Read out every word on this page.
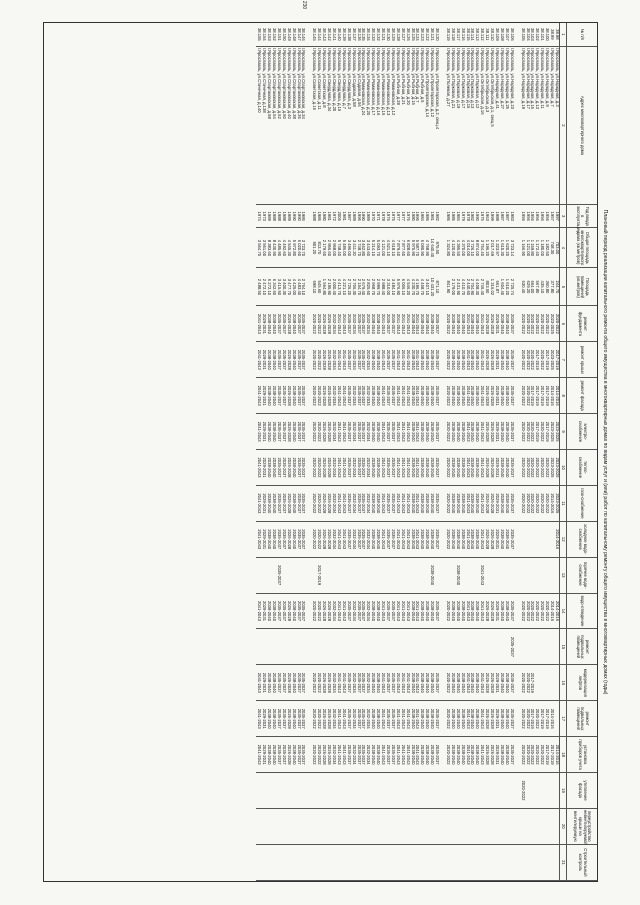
230
Плановый период реализации капитального ремонта общего имущества в многоквартирных домах по видам услуг и (или) работ по капитальному ремонту общего имущества в многоквартирных домах (годы)
№ п/п	Адрес многоквартирного дома	Год ввода в эксплуатацию	Общая площадь многоквартирного дома (кв.метров)	Площадь помещений (кв.метров)	ремонт фундамента	ремонт крыши	ремонт фасада	электро-снабжение	тепло-снабжение	газо-снабжение	холодное водо-снабжение	горячее водо-снабжение	водо-отведение	ремонт подвальных помещений	модернизация лифтов	ремонт подвальных помещений	установка приборов учета	утепление фасада	переустройство невентилируемой крыши на вентилируемую	Строительный контроль
1	2	3	4	5	6	7	8	9	10	11	12	13	14	15	16	17	18	19	20	21
38.98	г.Ярославль, ул.Народная, д.3	1997	703.00	244.70	2020-2022	2017-2019	2014-2016	2023-2025	2023-2025	2023-2025	2014-2016		2014-2016				2014-2016			
38.99	г.Ярославль, ул.Народная, д.7	1957	748.30	377.80	2023-2025	2023-2025	2014-2016	2023-2025	2023-2025	2014-2016			2014-2016			2014-2016	2017-2019			
38.100	г.Ярославль, ул.Народная, д.9	1956	1 182.50	360.80	2020-2022	2017-2019	2017-2019	2017-2019	2020-2022	2020-2022			2020-2022			2017-2019	2017-2019			
38.101	г.Ярославль, ул.Народная, д.11	1956	1 180.00	435.10	2020-2022	2020-2022	2017-2019	2020-2022	2020-2022	2020-2022			2020-2022			2017-2019	2020-2022			
38.102	г.Ярославль, ул.Народная, д.13	1956	1 172.40	567.80	2020-2022	2017-2019	2017-2019	2017-2019	2020-2022	2020-2022			2020-2022			2020-2022	2020-2022			
38.103	г.Ярославль, ул.Народная, д.15	1956	1 159.80	664.00	2020-2022	2020-2022	2017-2019	2020-2022	2020-2022	2020-2022			2020-2022		2017-2019	2017-2019	2020-2022			
38.104	г.Ярославль, ул.Народная, д.17	1956	1 121.00	629.20	2020-2022	2020-2022	2020-2022	2020-2022	2020-2022	2020-2022			2020-2022		2020-2022	2020-2022	2020-2022			
38.105	г.Ярославль, ул.Народная, д.19	1956	1 166.90	630.40	2020-2022	2020-2022	2020-2022	2020-2022	2020-2022	2020-2022			2020-2022		2020-2022	2020-2022	2020-2022	2020-2022		

38.106	г.Ярославль, ул.Народная, д.23	1983	3 723.14	2 725.74	2035-2037	2035-2037	2035-2037	2035-2037	2035-2037	2035-2037	2035-2037		2035-2037	2035-2037	2035-2037	2035-2037	2035-2037			
38.107	г.Ярославль, ул.Народная, д.25	1987	1 620.20	1 610.20	2038-2040	2038-2040	2038-2040	2038-2040	2038-2040	2038-2040	2038-2040		2038-2040		2038-2040	2038-2040	2038-2040			
38.108	г.Ярославль, ул.Народная, д.27	1987	1 610.30	1 604.40	2038-2040	2038-2040	2038-2040	2038-2040	2038-2040	2038-2040	2038-2040		2038-2040		2038-2040	2038-2040	2038-2040			
38.109	г.Ярославль, ул.Народная, д.41	1988	1 323.97	661.87	2029-2031	2029-2031	2029-2031	2029-2031	2029-2031	2029-2031	2029-2031		2029-2031		2029-2031	2029-2031	2029-2031			
38.110	г.Ярославль, ул.Октябрьская, д.1, секц.5	1999	2 017.69	1 316.02	2026-2028	2026-2028	2026-2028	2026-2028	2026-2028	2026-2028	2026-2028		2026-2028		2026-2028	2026-2028	2026-2028			
38.111	г.Ярославль, ул.Октябрьская, д.3	1963	1 196.20	803.50	2026-2028	2026-2028	2026-2028	2026-2028	2026-2028	2026-2028	2026-2028		2026-2028		2026-2028	2026-2028	2026-2028			
38.112	г.Ярославль, ул.Октябрьская, д.16	1975	3 764.40	2 746.40	2041-2043	2041-2043	2041-2043	2041-2043	2041-2043	2041-2043	2041-2043	2041-2043	2041-2043		2041-2043	2041-2043	2041-2043			
38.113	г.Ярославль, ул.Парковая, д.12	1990	8 874.00	4 408.30	2038-2040	2038-2040	2038-2040	2038-2040	2038-2040	2038-2040	2038-2040		2038-2040		2038-2040	2038-2040	2038-2040			
38.114	г.Ярославль, ул.Парковая, д.13	1982	3 726.10	2 704.90	2038-2040	2038-2040	2038-2040	2038-2040	2038-2040	2038-2040	2038-2040		2038-2040		2038-2040	2038-2040	2038-2040			
38.115	г.Ярославль, ул.Парковая, д.15	1978	4 014.00	2 440.60	2041-2043	2041-2043	2041-2043	2041-2043	2041-2043	2041-2043	2041-2043		2041-2043		2041-2043	2041-2043	2041-2043			
38.116	г.Ярославль, ул.Парковая, д.17	1979	4 370.00	4 410.70	2038-2040	2038-2040	2038-2040	2038-2040	2038-2040	2038-2040	2038-2040		2038-2040		2038-2040	2038-2040	2038-2040			
38.117	г.Ярославль, ул.Парковая, д.19	1984	4 395.50	2 431.90	2038-2040	2038-2040	2038-2040	2038-2040	2038-2040	2038-2040	2038-2040	2038-2040	2038-2040		2038-2040	2038-2040	2038-2040			
38.118	г.Ярославль, ул.Парковая, д.21	1985	4 120.60	2 179.00	2038-2040	2038-2040	2038-2040	2038-2040	2038-2040	2038-2040	2038-2040		2038-2040		2038-2040	2038-2040	2038-2040			
38.119	г.Ярославль, ул.Полевая, д.27	1986	1 324.80	841.90	2020-2022	2020-2022	2020-2022	2020-2022	2020-2022	2020-2022	2020-2022		2020-2022		2020-2022	2020-2022	2020-2022			

38.120	г.Ярославль, ул.Пролетарская, д.2, секц.4	1982	975.50	871.10	2035-2037	2035-2037	2035-2037	2035-2037	2035-2037	2035-2037	2035-2037		2035-2037		2035-2037	2035-2037	2035-2037			
38.121	г.Ярославль, ул.Пролетарская, д.12	1981	14 640.40	10 431.20	2038-2040	2038-2040	2038-2040	2038-2040	2038-2040	2038-2040	2038-2040	2038-2040	2038-2040		2038-2040	2038-2040	2038-2040			
38.122	г.Ярославль, ул.Пролетарская, д.14	1986	4 768.90	3 407.10	2038-2040	2038-2040	2038-2040	2038-2040	2038-2040	2038-2040	2038-2040		2038-2040		2038-2040	2038-2040	2038-2040			
38.123	г.Ярославль, ул.Рыбная, д.5	1984	6 090.90	4 458.70	2038-2040	2038-2040	2038-2040	2038-2040	2038-2040	2038-2040	2038-2040		2038-2040		2038-2040	2038-2040	2038-2040			
38.124	г.Ярославль, ул.Рыбная, д.7	1996	5 587.70	4 196.70	2041-2043	2041-2043	2041-2043	2041-2043	2041-2043	2041-2043	2041-2043		2041-2043		2041-2043	2041-2043	2041-2043			
38.125	г.Ярославль, ул.Рыбная, д.15	1980	5 975.90	4 230.70	2038-2040	2038-2040	2038-2040	2038-2040	2038-2040	2038-2040	2038-2040		2038-2040		2038-2040	2038-2040	2038-2040			
38.126	г.Ярославль, ул.Рыбная, д.20	1976	6 828.60	4 546.20	2041-2043	2041-2043	2041-2043	2041-2043	2041-2043	2041-2043	2041-2043		2041-2043		2041-2043	2041-2043	2041-2043			
38.127	г.Ярославль, ул.Рыбная, д.21	1977	7 877.60	6 006.10	2041-2043	2041-2043	2041-2043	2041-2043	2041-2043	2041-2043	2041-2043		2041-2043		2041-2043	2041-2043	2041-2043			
38.128	г.Ярославль, ул.Рыбная, д.28	1977	7 879.40	5 976.90	2041-2043	2041-2043	2041-2043	2041-2043	2041-2043	2041-2043	2041-2043		2041-2043		2041-2043	2041-2043	2041-2043			
38.129	г.Ярославль, ул.Романовская, д.12	1975	4 618.10	3 484.10	2035-2037	2035-2037	2035-2037	2035-2037	2035-2037	2035-2037	2035-2037		2035-2037		2035-2037	2035-2037	2035-2037			
38.130	г.Ярославль, ул.Романовская, д.13	1976	4 521.10	3 310.00	2035-2037	2035-2037	2035-2037	2035-2037	2035-2037	2035-2037	2035-2037		2035-2037		2035-2037	2035-2037	2035-2037			
38.131	г.Ярославль, ул.Романовская, д.15	1978	4 121.00	2 988.40	2041-2043	2041-2043	2041-2043	2041-2043	2041-2043	2041-2043	2041-2043		2041-2043		2041-2043	2041-2043	2041-2043			
38.132	г.Ярославль, ул.Романовская, д.16	1971	5 093.70	2 999.70	2038-2040	2038-2040	2038-2040	2038-2040	2038-2040	2038-2040	2038-2040		2038-2040		2038-2040	2038-2040	2038-2040			
38.133	г.Ярославль, ул.Романовская, д.17	1970	5 214.10	2 968.70	2038-2040	2038-2040	2038-2040	2038-2040	2038-2040	2038-2040	2038-2040		2038-2040		2038-2040	2038-2040	2038-2040			
38.134	г.Ярославль, ул.Романовская, д.20	1989	3 443.60	2 825.60	2032-2034	2032-2034	2032-2034	2032-2034	2032-2034	2032-2034	2032-2034		2032-2034		2032-2034	2032-2034	2032-2034			
38.135	г.Ярославль, ул.Романовская, д.24	1990	3 462.80	2 679.40	2035-2037	2035-2037	2035-2037	2035-2037	2035-2037	2035-2037	2035-2037		2035-2037		2035-2037	2035-2037	2035-2037			
38.136	г.Ярославль, ул.Садовая, д.56	1996	2 748.70	2 154.70	2035-2037	2035-2037	2035-2037	2035-2037	2035-2037	2035-2037	2035-2037		2035-2037		2035-2037	2035-2037	2035-2037			
38.137	г.Ярославль, ул.Садовая, д.58	1989	3 411.20	2 706.30	2032-2034	2032-2034	2032-2034	2032-2034	2032-2034	2032-2034	2032-2034		2032-2034		2032-2034	2032-2034	2032-2034			
38.138	г.Ярославль, ул.Свердлова, д.3	1987	3 496.00	2 726.20	2035-2037	2035-2037	2035-2037	2035-2037	2035-2037	2035-2037	2035-2037		2035-2037		2035-2037	2035-2037	2035-2037			
38.139	г.Ярославль, ул.Свердлова, д.7	1981	5 486.00	4 221.10	2041-2043	2041-2043	2041-2043	2041-2043	2041-2043	2041-2043	2041-2043		2041-2043		2041-2043	2041-2043	2041-2043			
38.140	г.Ярославль, ул.Свердлова, д.15	2006	5 748.40	4 413.70	2041-2043	2041-2043	2041-2043	2041-2043	2041-2043	2041-2043	2041-2043		2041-2043		2041-2043	2041-2043	2041-2043			
38.141	г.Ярославль, ул.Свердлова, д.20	1972	2 968.00	2 000.40	2032-2034	2032-2034	2032-2034	2032-2034	2032-2034	2032-2034	2032-2034		2032-2034		2032-2034	2032-2034	2032-2034			
38.142	г.Ярославль, ул.Свердлова, д.34	1981	2 956.60	2 195.90	2026-2028	2026-2028	2026-2028	2026-2028	2026-2028	2026-2028	2026-2028		2026-2028		2026-2028	2026-2028	2026-2028			
38.143	г.Ярославль, ул.Советская, д.8	1980	2 179.60	1 564.80	2026-2028	2026-2028	2026-2028	2026-2028	2026-2028	2026-2028	2026-2028		2026-2028		2026-2028	2026-2028	2026-2028			
38.144	г.Ярославль, ул.Советская, д.11	1986	813.70	545.60	2020-2022	2020-2022	2020-2022	2020-2022	2020-2022	2020-2022	2020-2022	2017-2019	2020-2022		2020-2022	2020-2022	2020-2022			
38.145	г.Ярославль, ул.Советская, д.16	1988	901.20	698.10	2020-2022	2020-2022	2020-2022	2020-2022	2020-2022	2020-2022	2020-2022		2020-2022		2020-2022	2020-2022	2020-2022			

38.146	г.Ярославль, ул.Спартаковская, д.34	1986	3 723.70	2 764.10	2035-2037	2035-2037	2035-2037	2035-2037	2035-2037	2035-2037	2035-2037		2035-2037		2035-2037	2035-2037	2035-2037			
38.147	г.Ярославль, ул.Спартаковская, д.36	1990	6 020.60	4 483.40	2035-2037	2035-2037	2035-2037	2035-2037	2035-2037	2035-2037	2035-2037		2035-2037		2035-2037	2035-2037	2035-2037			
38.148	г.Ярославль, ул.Спартаковская, д.38	1990	5 972.80	4 425.00	2038-2040	2038-2040	2038-2040	2038-2040	2038-2040	2038-2040	2038-2040		2038-2040		2038-2040	2038-2040	2038-2040			
38.149	г.Ярославль, ул.Спартаковская, д.40	1989	4 545.30	3 477.70	2026-2028	2026-2028	2026-2028	2026-2028	2026-2028	2026-2028	2026-2028		2026-2028		2026-2028	2026-2028	2026-2028			
38.150	г.Ярославль, ул.Спартаковская, д.50	1988	4 492.60	3 400.30	2035-2037	2035-2037	2035-2037	2035-2037	2035-2037	2035-2037	2035-2037		2035-2037		2035-2037	2035-2037	2035-2037			
38.151	г.Ярославль, ул.Спартаковская, д.52	1988	4 485.90	3 415.50	2035-2037	2035-2037	2035-2037	2035-2037	2035-2037	2035-2037	2035-2037	2035-2037	2035-2037		2035-2037	2035-2037	2035-2037			
38.152	г.Ярославль, ул.Спартаковская, д.54	1988	8 430.90	6 342.60	2038-2040	2038-2040	2038-2040	2038-2040	2038-2040	2038-2040	2038-2040		2038-2040		2038-2040	2038-2040	2038-2040			
38.153	г.Ярославль, ул.Спартаковская, д.58	1989	8 383.60	6 272.10	2038-2040	2038-2040	2038-2040	2038-2040	2038-2040	2038-2040	2038-2040		2038-2040		2038-2040	2038-2040	2038-2040			
38.154	г.Ярославль, ул.Стачечная, д.138	1973	3 561.00	2 472.10	2029-2031	2029-2031	2029-2031	2029-2031	2029-2031	2029-2031	2029-2031		2029-2031		2029-2031	2029-2031	2029-2031			
38.155	г.Ярославль, ул.Стачечная, д.140	1974	3 564.70	2 488.50	2041-2043	2041-2043	2041-2043	2041-2043	2041-2043	2041-2043	2041-2043		2041-2043		2041-2043	2041-2043	2041-2043			
